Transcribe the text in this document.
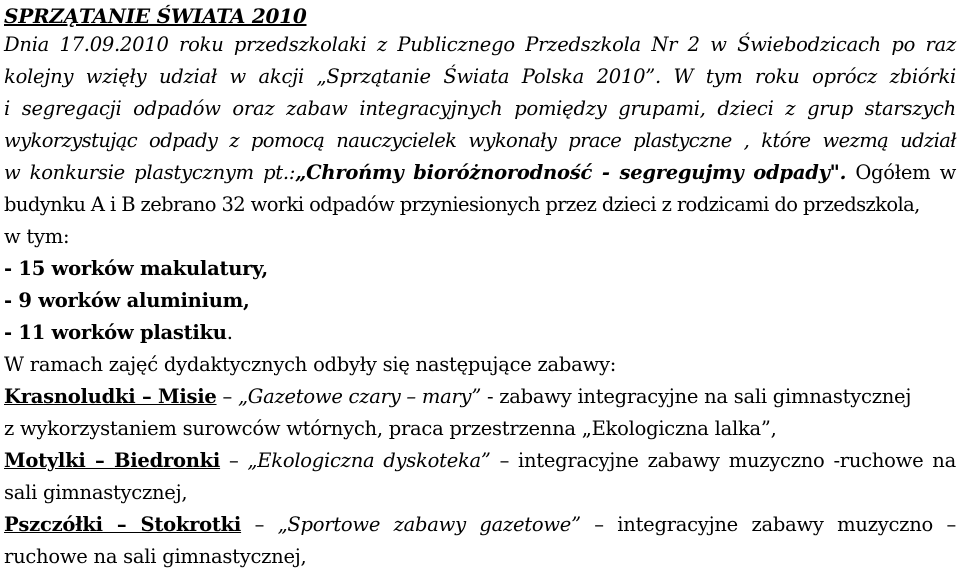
SPRZĄTANIE ŚWIATA 2010
Dnia 17.09.2010 roku przedszkolaki z Publicznego Przedszkola Nr 2 w Świebodzicach po raz
kolejny wzięły udział w akcji „Sprzątanie Świata Polska 2010”. W tym roku oprócz zbiórki
i segregacji odpadów oraz zabaw integracyjnych pomiędzy grupami, dzieci z grup starszych
wykorzystując odpady z pomocą nauczycielek wykonały prace plastyczne , które wezmą udział
w konkursie plastycznym pt.:„Chrońmy bioróżnorodność - segregujmy odpady". Ogółem w
budynku A i B zebrano 32 worki odpadów przyniesionych przez dzieci z rodzicami do przedszkola,
w tym:
- 15 worków makulatury,
- 9 worków aluminium,
- 11 worków plastiku.
W ramach zajęć dydaktycznych odbyły się następujące zabawy:
Krasnoludki – Misie – „Gazetowe czary – mary” - zabawy integracyjne na sali gimnastycznej
z wykorzystaniem surowców wtórnych, praca przestrzenna „Ekologiczna lalka”,
Motylki – Biedronki – „Ekologiczna dyskoteka” – integracyjne zabawy muzyczno -ruchowe na
sali gimnastycznej,
Pszczółki – Stokrotki – „Sportowe zabawy gazetowe” – integracyjne zabawy muzyczno –
ruchowe na sali gimnastycznej,
